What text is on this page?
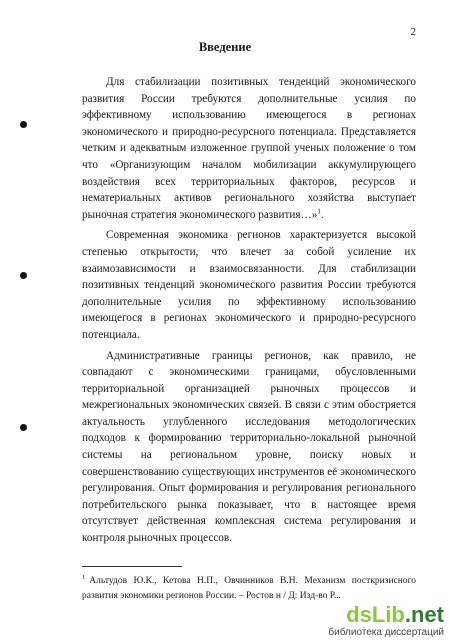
2
Введение

Для стабилизации позитивных тенденций экономического развития России требуются дополнительные усилия по эффективному использованию имеющегося в регионах экономического и природно-ресурсного потенциала. Представляется четким и адекватным изложенное группой ученых положение о том что «Организующим началом мобилизации аккумулирующего воздействия всех территориальных факторов, ресурсов и нематериальных активов регионального хозяйства выступает рыночная стратегия экономического развития…»$^1$.

Современная экономика регионов характеризуется высокой степенью открытости, что влечет за собой усиление их взаимозависимости и взаимосвязанности. Для стабилизации позитивных тенденций экономического развития России требуются дополнительные усилия по эффективному использованию имеющегося в регионах экономического и природно-ресурсного потенциала.

Административные границы регионов, как правило, не совпадают с экономическими границами, обусловленными территориальной организацией рыночных процессов и межрегиональных экономических связей. В связи с этим обостряется актуальность углубленного исследования методологических подходов к формированию территориально-локальной рыночной системы на региональном уровне, поиску новых и совершенствованию существующих инструментов её экономического регулирования. Опыт формирования и регулирования регионального потребительского рынка показывает, что в настоящее время отсутствует действенная комплексная система регулирования и контроля рыночных процессов.

$^1$ Альтудов Ю.К., Кетова Н.П., Овчинников В.Н. Механизм посткризисного развития экономики регионов России. – Ростов н / Д: Изд-во Р...
dsLib.net
библиотека диссертаций
